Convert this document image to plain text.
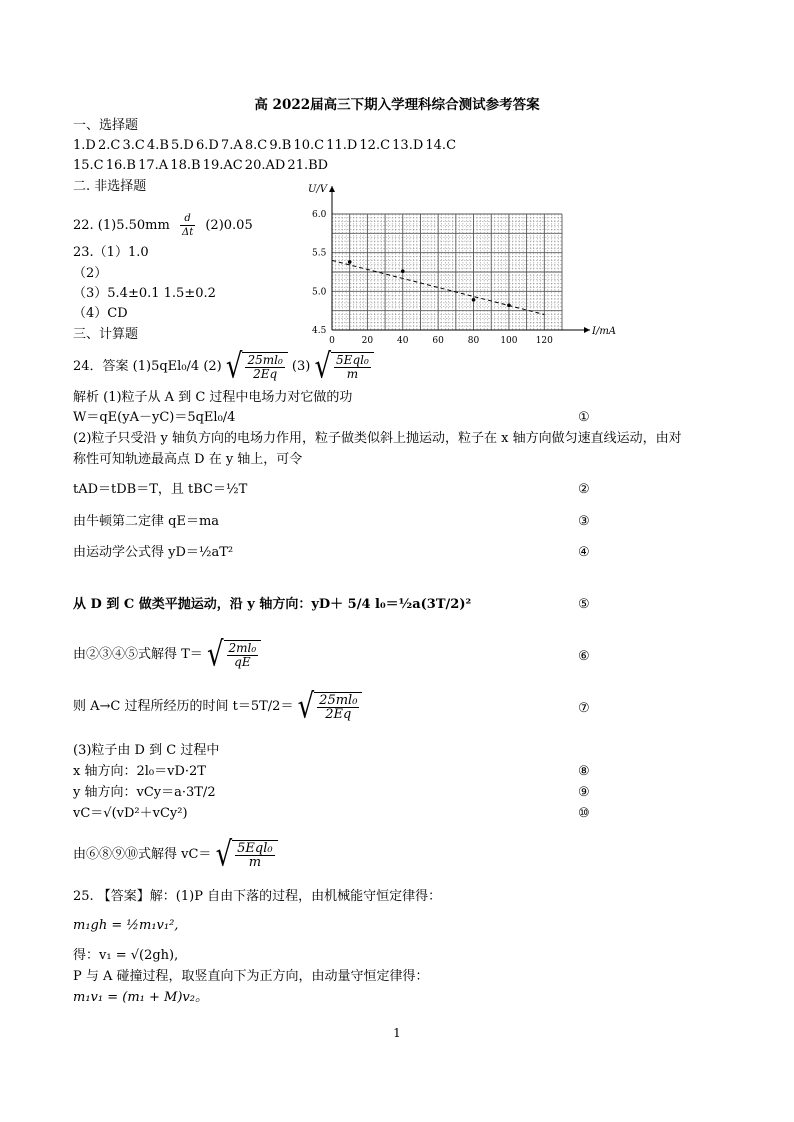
高 2022届高三下期入学理科综合测试参考答案
一、选择题
1.D 2.C 3.C 4.B 5.D 6.D 7.A 8.C 9.B 10.C 11.D 12.C 13.D 14.C
15.C 16.B 17.A 18.B 19.AC 20.AD 21.BD
二. 非选择题
22. $(1)5.50mm \frac{d}{\Delta t} (2)0.05$
23.（1）1.0
（2）
（3）5.4±0.1 1.5±0.2
（4）CD
三、计算题	0	20	40	60	80 100 120
6.0
5.5
5.0
4.5	I/mA
U/V
24．答案 (1)5qEl₀/4 (2) √ $\frac{\text{25ml₀}}{2Eq} (3)$ √ $\frac{\text{5Eql₀}}{m}$
解析 (1)粒子从 A 到 C 过程中电场力对它做的功
W＝qE(yA－yC)＝5qEl₀/4
(2)粒子只受沿 y 轴负方向的电场力作用，粒子做类似斜上抛运动，粒子在 x 轴方向做匀速直线运动，由对
称性可知轨迹最高点 D 在 y 轴上，可令
tAD＝tDB＝T，且 tBC＝½T
由牛顿第二定律 qE＝ma
由运动学公式得 yD＝½aT²
从 D 到 C 做类平抛运动，沿 y 轴方向：yD＋ 5/4 l₀＝½a(3T/2)²
由②③④⑤式解得 T＝ √ $\frac{\text{2ml₀}}{qE}$
则 A→C 过程所经历的时间 t＝5T/2＝ √ $\frac{\text{25ml₀}}{2Eq}$
(3)粒子由 D 到 C 过程中
x 轴方向：2l₀＝vD·2T
y 轴方向：vCy＝a·3T/2
vC＝√(vD²＋vCy²)
由⑥⑧⑨⑩式解得 vC＝ √ $\frac{\text{5Eql₀}}{m}$
①
②
③
④
⑤
⑥
⑦
⑧
⑨
⑩
25. 【答案】解：(1)P 自由下落的过程，由机械能守恒定律得：
m₁gh = ½m₁v₁²,
得：v₁ = √(2gh),
P 与 A 碰撞过程，取竖直向下为正方向，由动量守恒定律得：
m₁v₁ = (m₁ + M)v₂。
1
